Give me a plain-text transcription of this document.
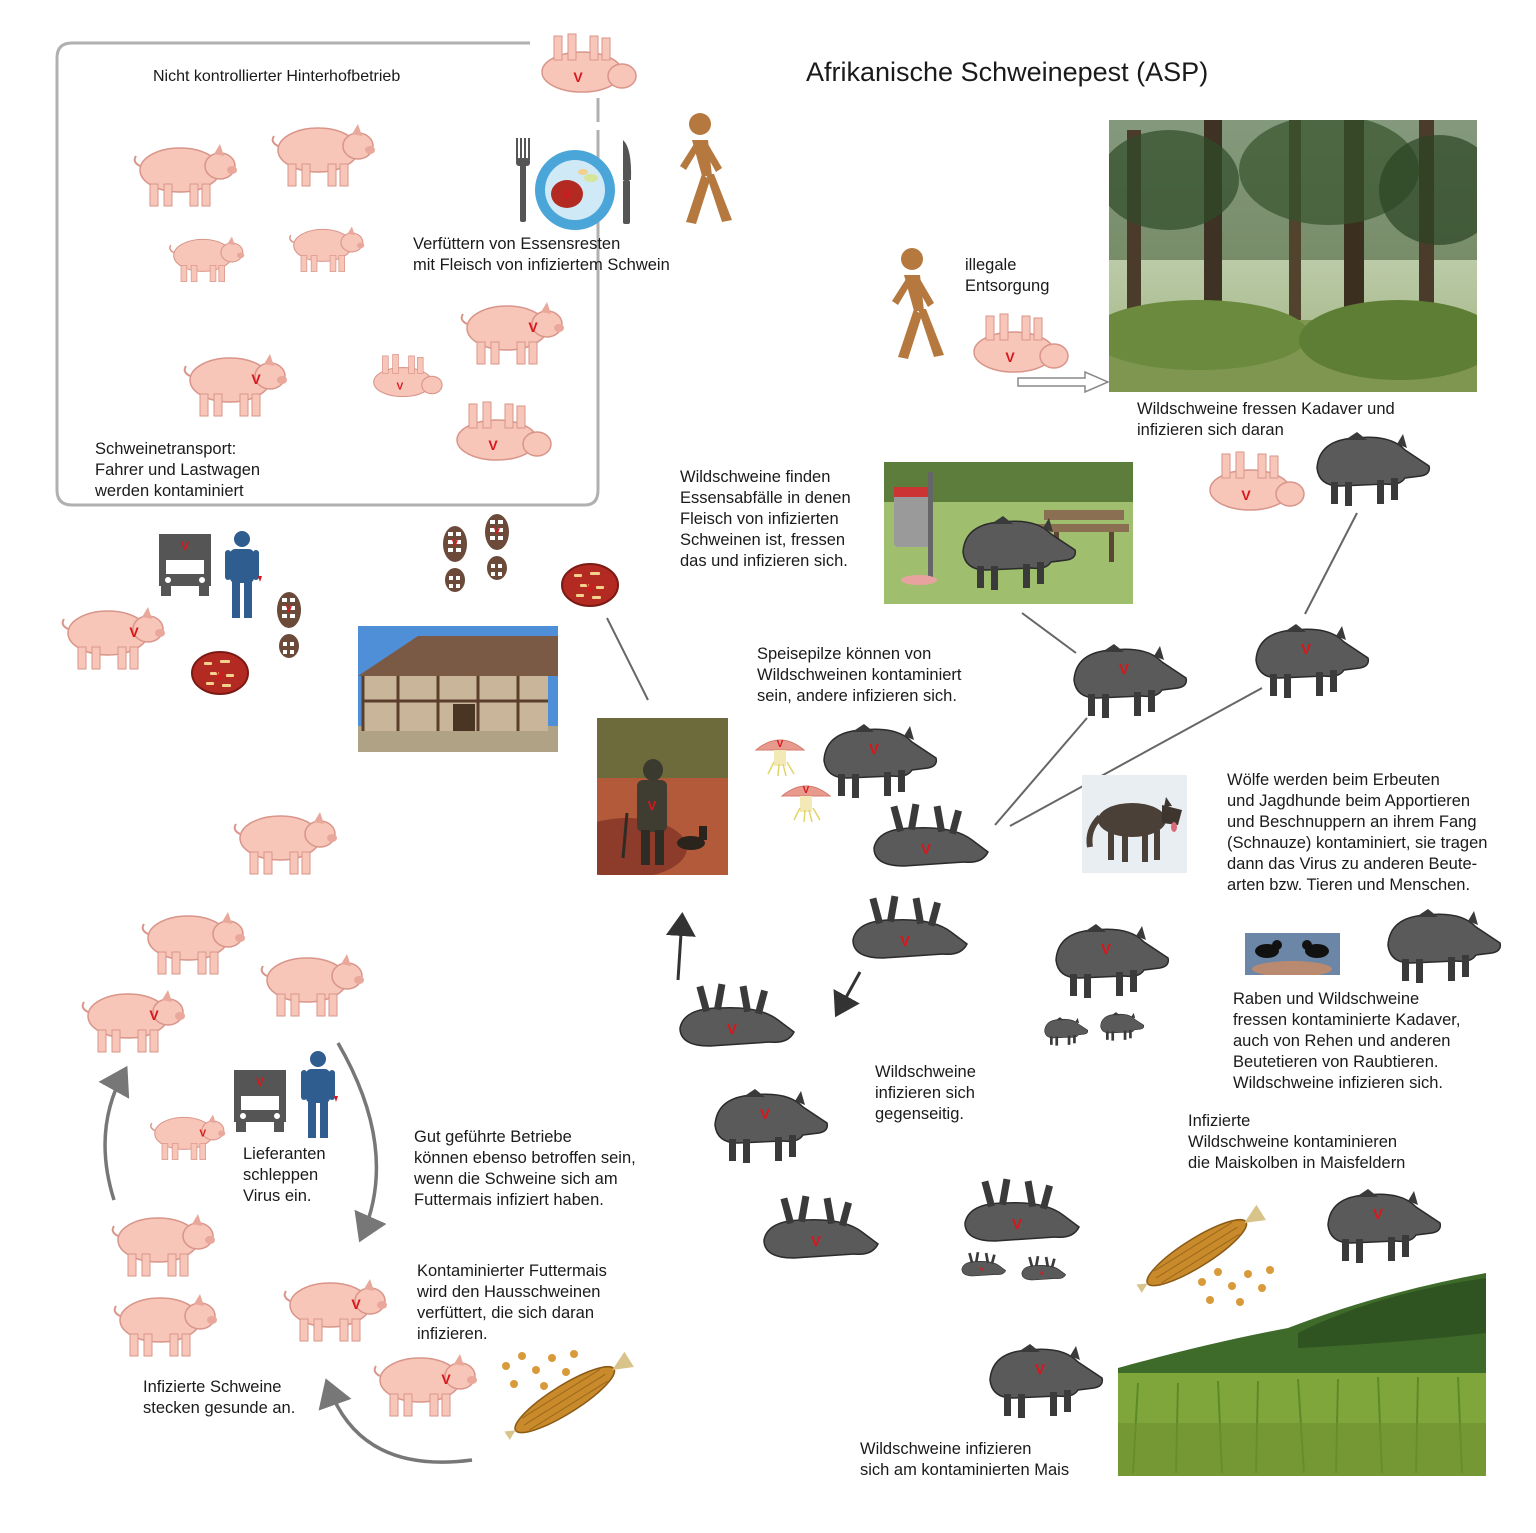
Afrikanische Schweinepest (ASP)
Nicht kontrollierter Hinterhofbetrieb
Verfüttern von Essensresten
mit Fleisch von infiziertem Schwein
Schweinetransport:
Fahrer und Lastwagen
werden kontaminiert
illegale
Entsorgung
Wildschweine fressen Kadaver und
infizieren sich daran
Wildschweine finden
Essensabfälle in denen
Fleisch von infizierten
Schweinen ist, fressen
das und infizieren sich.
Speisepilze können von
Wildschweinen kontaminiert
sein, andere infizieren sich.
Wölfe werden beim Erbeuten
und Jagdhunde beim Apportieren
und Beschnuppern an ihrem Fang
(Schnauze) kontaminiert, sie tragen
dann das Virus zu anderen Beute-
arten bzw. Tieren und Menschen.
Raben und Wildschweine
fressen kontaminierte Kadaver,
auch von Rehen und anderen
Beutetieren von Raubtieren.
Wildschweine infizieren sich.
Wildschweine
infizieren sich
gegenseitig.	Infizierte
Wildschweine kontaminieren
die Maiskolben in Maisfeldern
Lieferanten
schleppen
Virus ein.
Gut geführte Betriebe
können ebenso betroffen sein,
wenn die Schweine sich am
Futtermais infiziert haben.
Kontaminierter Futtermais
wird den Hausschweinen
verfüttert, die sich daran
infizieren.
Infizierte Schweine
stecken gesunde an.
Wildschweine infizieren
sich am kontaminierten Mais
V
V
V
V
V	V
V
V
V
V
V
V
V
V
V
V
V
V
V
V
V
V
V	V
V
V
V
V
V
V
V
V
V
V
V
V
V
